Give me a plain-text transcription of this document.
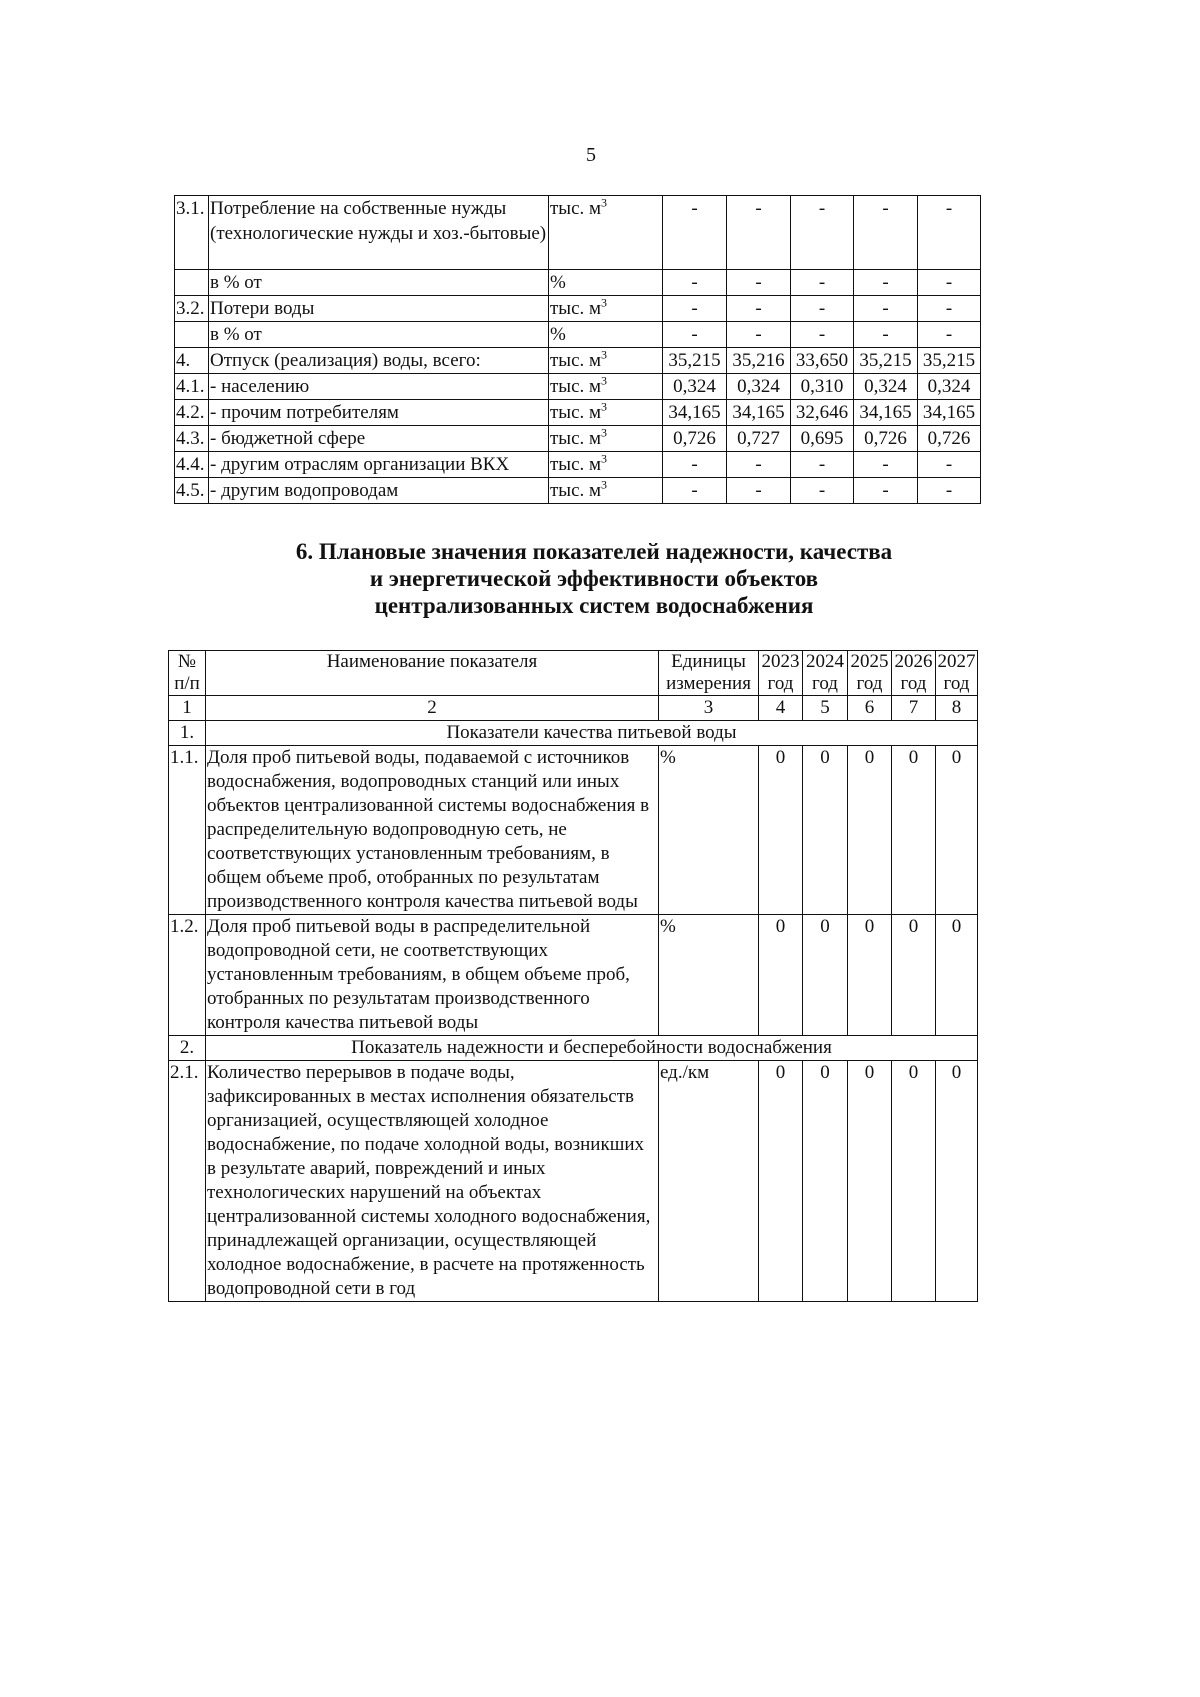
5
3.1.	Потребление на собственные нужды (технологические нужды и хоз.-бытовые)	тыс. $м^3$	-	-	-	-	-
	в % от	%	-	-	-	-	-
3.2.	Потери воды	тыс. $м^3$	-	-	-	-	-
	в % от	%	-	-	-	-	-
4.	Отпуск (реализация) воды, всего:	тыс. $м^3$	35,215	35,216	33,650	35,215	35,215
4.1.	- населению	тыс. $м^3$	0,324	0,324	0,310	0,324	0,324
4.2.	- прочим потребителям	тыс. $м^3$	34,165	34,165	32,646	34,165	34,165
4.3.	- бюджетной сфере	тыс. $м^3$	0,726	0,727	0,695	0,726	0,726
4.4.	- другим отраслям организации ВКХ	тыс. $м^3$	-	-	-	-	-
4.5.	- другим водопроводам	тыс. $м^3$	-	-	-	-	-
6. Плановые значения показателей надежности, качества
и энергетической эффективности объектов
централизованных систем водоснабжения
№ п/п	Наименование показателя	Единицы измерения	2023 год	2024 год	2025 год	2026 год	2027 год
1	2	3	4	5	6	7	8
1.	Показатели качества питьевой воды						
1.1.	Доля проб питьевой воды, подаваемой с источников водоснабжения, водопроводных станций или иных объектов централизованной системы водоснабжения в распределительную водопроводную сеть, не соответствующих установленным требованиям, в общем объеме проб, отобранных по результатам производственного контроля качества питьевой воды	%	0	0	0	0	0
1.2.	Доля проб питьевой воды в распределительной водопроводной сети, не соответствующих установленным требованиям, в общем объеме проб, отобранных по результатам производственного контроля качества питьевой воды	%	0	0	0	0	0
2.	Показатель надежности и бесперебойности водоснабжения						
2.1.	Количество перерывов в подаче воды, зафиксированных в местах исполнения обязательств организацией, осуществляющей холодное водоснабжение, по подаче холодной воды, возникших в результате аварий, повреждений и иных технологических нарушений на объектах централизованной системы холодного водоснабжения, принадлежащей организации, осуществляющей холодное водоснабжение, в расчете на протяженность водопроводной сети в год	ед./км	0	0	0	0	0
